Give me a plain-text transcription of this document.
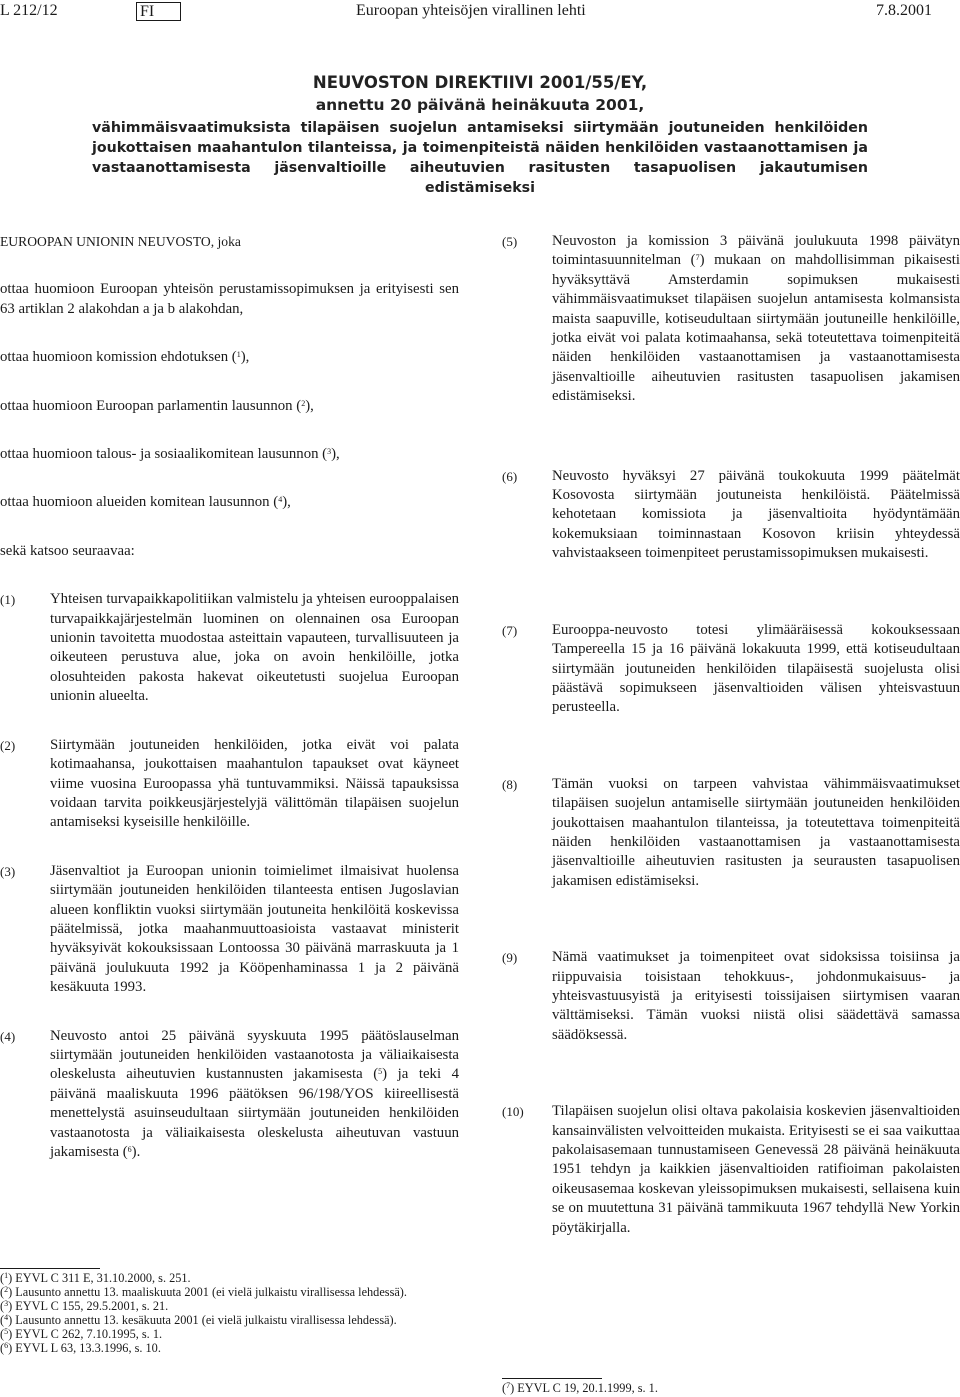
L 212/12	FI	Euroopan yhteisöjen virallinen lehti	7.8.2001
NEUVOSTON DIREKTIIVI 2001/55/EY,
annettu 20 päivänä heinäkuuta 2001,
vähimmäisvaatimuksista tilapäisen suojelun antamiseksi siirtymään joutuneiden henkilöiden joukottaisen maahantulon tilanteissa, ja toimenpiteistä näiden henkilöiden vastaanottamisen ja vastaanottamisesta jäsenvaltioille aiheutuvien rasitusten tasapuolisen jakautumisen edistämiseksi

EUROOPAN UNIONIN NEUVOSTO, joka

ottaa huomioon Euroopan yhteisön perustamissopimuksen ja erityisesti sen 63 artiklan 2 alakohdan a ja b alakohdan,

ottaa huomioon komission ehdotuksen ($^1$),

ottaa huomioon Euroopan parlamentin lausunnon ($^2$),

ottaa huomioon talous- ja sosiaalikomitean lausunnon ($^3$),

ottaa huomioon alueiden komitean lausunnon ($^4$),

sekä katsoo seuraavaa:

(1) Yhteisen turvapaikkapolitiikan valmistelu ja yhteisen eurooppalaisen turvapaikkajärjestelmän luominen on olennainen osa Euroopan unionin tavoitetta muodostaa asteittain vapauteen, turvallisuuteen ja oikeuteen perustuva alue, joka on avoin henkilöille, jotka olosuhteiden pakosta hakevat oikeutetusti suojelua Euroopan unionin alueelta.
(2) Siirtymään joutuneiden henkilöiden, jotka eivät voi palata kotimaahansa, joukottaisen maahantulon tapaukset ovat käyneet viime vuosina Euroopassa yhä tuntuvammiksi. Näissä tapauksissa voidaan tarvita poikkeusjärjestelyjä välittömän tilapäisen suojelun antamiseksi kyseisille henkilöille.
(3) Jäsenvaltiot ja Euroopan unionin toimielimet ilmaisivat huolensa siirtymään joutuneiden henkilöiden tilanteesta entisen Jugoslavian alueen konfliktin vuoksi siirtymään joutuneita henkilöitä koskevissa päätelmissä, jotka maahanmuuttoasioista vastaavat ministerit hyväksyivät kokouksissaan Lontoossa 30 päivänä marraskuuta ja 1 päivänä joulukuuta 1992 ja Kööpenhaminassa 1 ja 2 päivänä kesäkuuta 1993.
(4) Neuvosto antoi 25 päivänä syyskuuta 1995 päätöslauselman siirtymään joutuneiden henkilöiden vastaanotosta ja väliaikaisesta oleskelusta aiheutuvien kustannusten jakamisesta ($^5$) ja teki 4 päivänä maaliskuuta 1996 päätöksen 96/198/YOS kiireellisestä menettelystä asuinseudultaan siirtymään joutuneiden henkilöiden vastaanotosta ja väliaikaisesta oleskelusta aiheutuvan vastuun jakamisesta ($^6$).
($^1$) EYVL C 311 E, 31.10.2000, s. 251.
($^2$) Lausunto annettu 13. maaliskuuta 2001 (ei vielä julkaistu virallisessa lehdessä).
($^3$) EYVL C 155, 29.5.2001, s. 21.
($^4$) Lausunto annettu 13. kesäkuuta 2001 (ei vielä julkaistu virallisessa lehdessä).
($^5$) EYVL C 262, 7.10.1995, s. 1.
($^6$) EYVL L 63, 13.3.1996, s. 10.
(5) Neuvoston ja komission 3 päivänä joulukuuta 1998 päivätyn toimintasuunnitelman ($^7$) mukaan on mahdollisimman pikaisesti hyväksyttävä Amsterdamin sopimuksen mukaisesti vähimmäisvaatimukset tilapäisen suojelun antamisesta kolmansista maista saapuville, kotiseudultaan siirtymään joutuneille henkilöille, jotka eivät voi palata kotimaahansa, sekä toteutettava toimenpiteitä näiden henkilöiden vastaanottamisen ja vastaanottamisesta jäsenvaltioille aiheutuvien rasitusten tasapuolisen jakamisen edistämiseksi.
(6) Neuvosto hyväksyi 27 päivänä toukokuuta 1999 päätelmät Kosovosta siirtymään joutuneista henkilöistä. Päätelmissä kehotetaan komissiota ja jäsenvaltioita hyödyntämään kokemuksiaan toiminnastaan Kosovon kriisin yhteydessä vahvistaakseen toimenpiteet perustamissopimuksen mukaisesti.
(7) Eurooppa-neuvosto totesi ylimääräisessä kokouksessaan Tampereella 15 ja 16 päivänä lokakuuta 1999, että kotiseudultaan siirtymään joutuneiden henkilöiden tilapäisestä suojelusta olisi päästävä sopimukseen jäsenvaltioiden välisen yhteisvastuun perusteella.
(8) Tämän vuoksi on tarpeen vahvistaa vähimmäisvaatimukset tilapäisen suojelun antamiselle siirtymään joutuneiden henkilöiden joukottaisen maahantulon tilanteissa, ja toteutettava toimenpiteitä näiden henkilöiden vastaanottamisen ja vastaanottamisesta jäsenvaltioille aiheutuvien rasitusten ja seurausten tasapuolisen jakamisen edistämiseksi.
(9) Nämä vaatimukset ja toimenpiteet ovat sidoksissa toisiinsa ja riippuvaisia toisistaan tehokkuus-, johdonmukaisuus- ja yhteisvastuusyistä ja erityisesti toissijaisen siirtymisen vaaran välttämiseksi. Tämän vuoksi niistä olisi säädettävä samassa säädöksessä.
(10) Tilapäisen suojelun olisi oltava pakolaisia koskevien jäsenvaltioiden kansainvälisten velvoitteiden mukaista. Erityisesti se ei saa vaikuttaa pakolaisasemaan tunnustamiseen Genevessä 28 päivänä heinäkuuta 1951 tehdyn ja kaikkien jäsenvaltioiden ratifioiman pakolaisten oikeusasemaa koskevan yleissopimuksen mukaisesti, sellaisena kuin se on muutettuna 31 päivänä tammikuuta 1967 tehdyllä New Yorkin pöytäkirjalla.
($^7$) EYVL C 19, 20.1.1999, s. 1.
